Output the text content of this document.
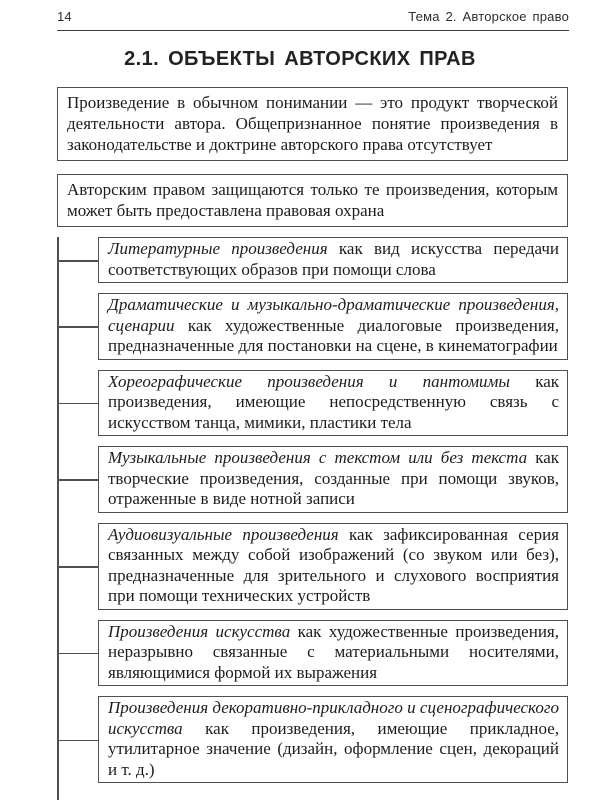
14	Тема 2. Авторское право
2.1. ОБЪЕКТЫ АВТОРСКИХ ПРАВ

Произведение в обычном понимании — это продукт творческой деятельности автора. Общепризнанное понятие произведения в законодательстве и доктрине авторского права отсутствует

Авторским правом защищаются только те произведения, которым может быть предоставлена правовая охрана

Литературные произведения как вид искусства передачи соответствующих образов при помощи слова

Драматические и музыкально-драматические произведения, сценарии как художественные диалоговые произведения, предназначенные для постановки на сцене, в кинематографии

Хореографические произведения и пантомимы как произведения, имеющие непосредственную связь с искусством танца, мимики, пластики тела

Музыкальные произведения с текстом или без текста как творческие произведения, созданные при помощи звуков, отраженные в виде нотной записи

Аудиовизуальные произведения как зафиксированная серия связанных между собой изображений (со звуком или без), предназначенные для зрительного и слухового восприятия при помощи технических устройств

Произведения искусства как художественные произведения, неразрывно связанные с материальными носителями, являющимися формой их выражения

Произведения декоративно-прикладного и сценографического искусства как произведения, имеющие прикладное, утилитарное значение (дизайн, оформление сцен, декораций и т. д.)
